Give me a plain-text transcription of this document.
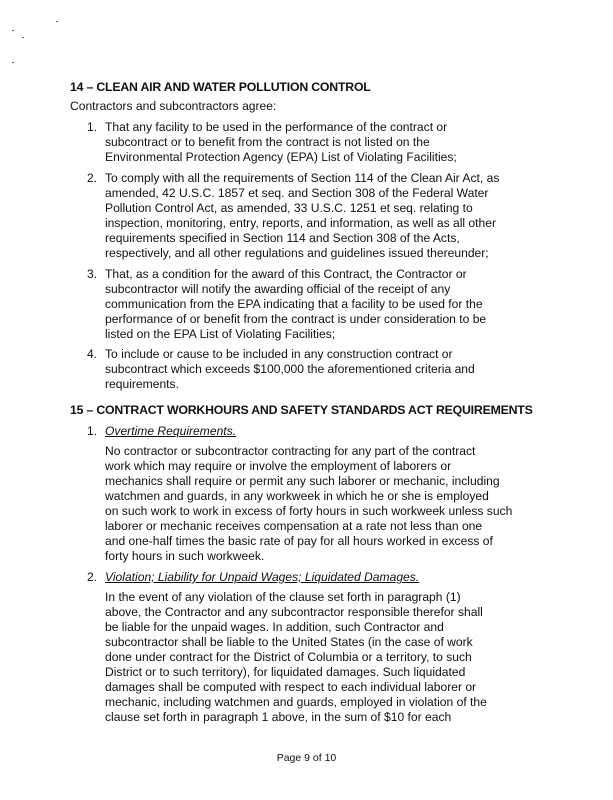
14 – CLEAN AIR AND WATER POLLUTION CONTROL
Contractors and subcontractors agree:
1. That any facility to be used in the performance of the contract or
subcontract or to benefit from the contract is not listed on the
Environmental Protection Agency (EPA) List of Violating Facilities;
2. To comply with all the requirements of Section 114 of the Clean Air Act, as
amended, 42 U.S.C. 1857 et seq. and Section 308 of the Federal Water
Pollution Control Act, as amended, 33 U.S.C. 1251 et seq. relating to
inspection, monitoring, entry, reports, and information, as well as all other
requirements specified in Section 114 and Section 308 of the Acts,
respectively, and all other regulations and guidelines issued thereunder;
3. That, as a condition for the award of this Contract, the Contractor or
subcontractor will notify the awarding official of the receipt of any
communication from the EPA indicating that a facility to be used for the
performance of or benefit from the contract is under consideration to be
listed on the EPA List of Violating Facilities;
4. To include or cause to be included in any construction contract or
subcontract which exceeds $100,000 the aforementioned criteria and
requirements.
15 – CONTRACT WORKHOURS AND SAFETY STANDARDS ACT REQUIREMENTS
1. Overtime Requirements.
No contractor or subcontractor contracting for any part of the contract
work which may require or involve the employment of laborers or
mechanics shall require or permit any such laborer or mechanic, including
watchmen and guards, in any workweek in which he or she is employed
on such work to work in excess of forty hours in such workweek unless such
laborer or mechanic receives compensation at a rate not less than one
and one-half times the basic rate of pay for all hours worked in excess of
forty hours in such workweek.
2. Violation; Liability for Unpaid Wages; Liquidated Damages.
In the event of any violation of the clause set forth in paragraph (1)
above, the Contractor and any subcontractor responsible therefor shall
be liable for the unpaid wages. In addition, such Contractor and
subcontractor shall be liable to the United States (in the case of work
done under contract for the District of Columbia or a territory, to such
District or to such territory), for liquidated damages. Such liquidated
damages shall be computed with respect to each individual laborer or
mechanic, including watchmen and guards, employed in violation of the
clause set forth in paragraph 1 above, in the sum of $10 for each
Page 9 of 10
